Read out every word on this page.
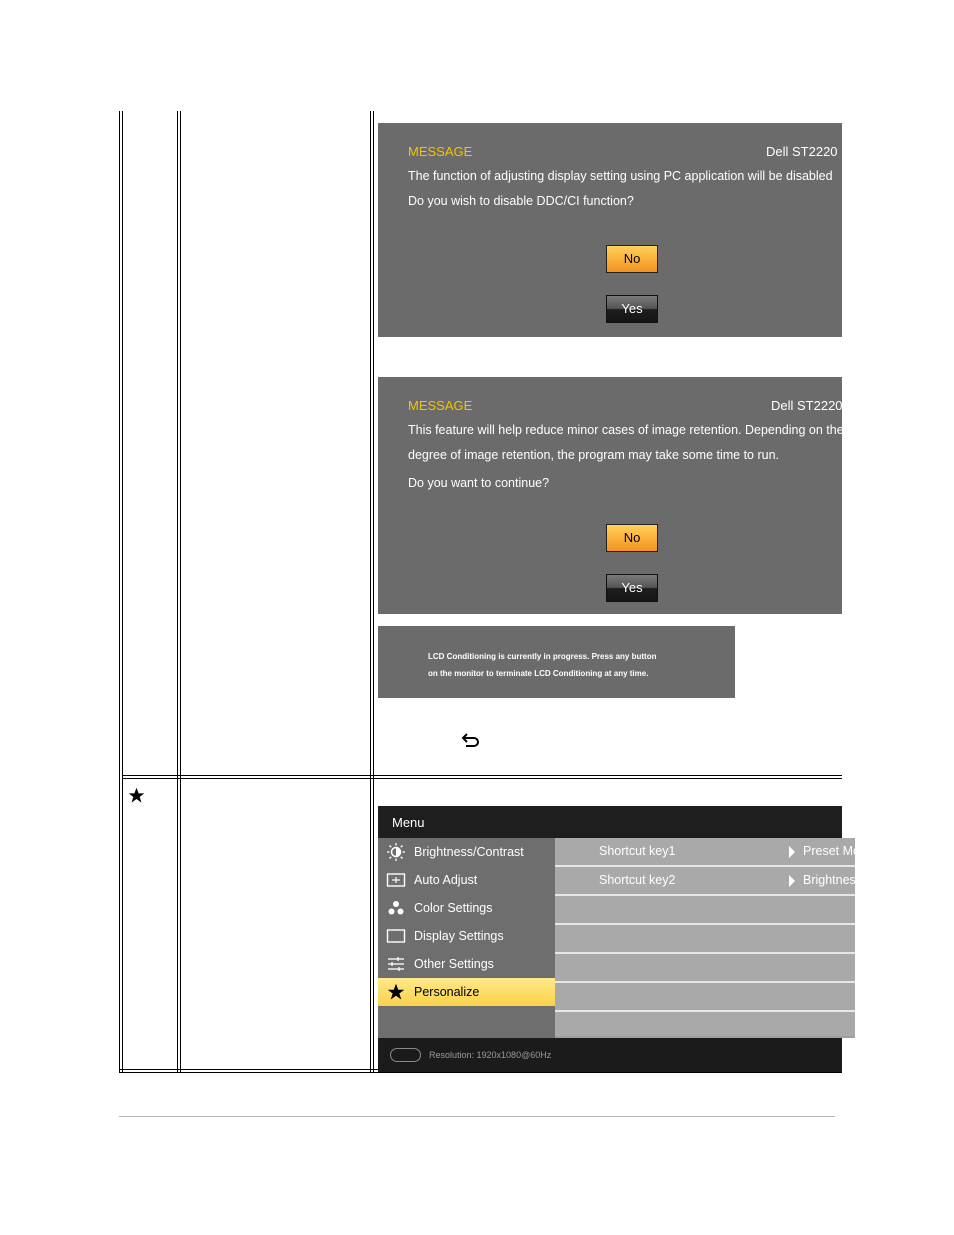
MESSAGE	Dell ST2220
The function of adjusting display setting using PC application will be disabled
Do you wish to disable DDC/CI function?
No
Yes
MESSAGE	Dell ST2220
This feature will help reduce minor cases of image retention. Depending on the
degree of image retention, the program may take some time to run.
Do you want to continue?
No
Yes
LCD Conditioning is currently in progress. Press any button
on the monitor to terminate LCD Conditioning at any time.
Menu
Brightness/Contrast
Auto Adjust
Color Settings
Display Settings
Other Settings
Personalize
Shortcut key1	Preset Modes
Shortcut key2	Brightness/Contrast
Resolution: 1920x1080@60Hz
